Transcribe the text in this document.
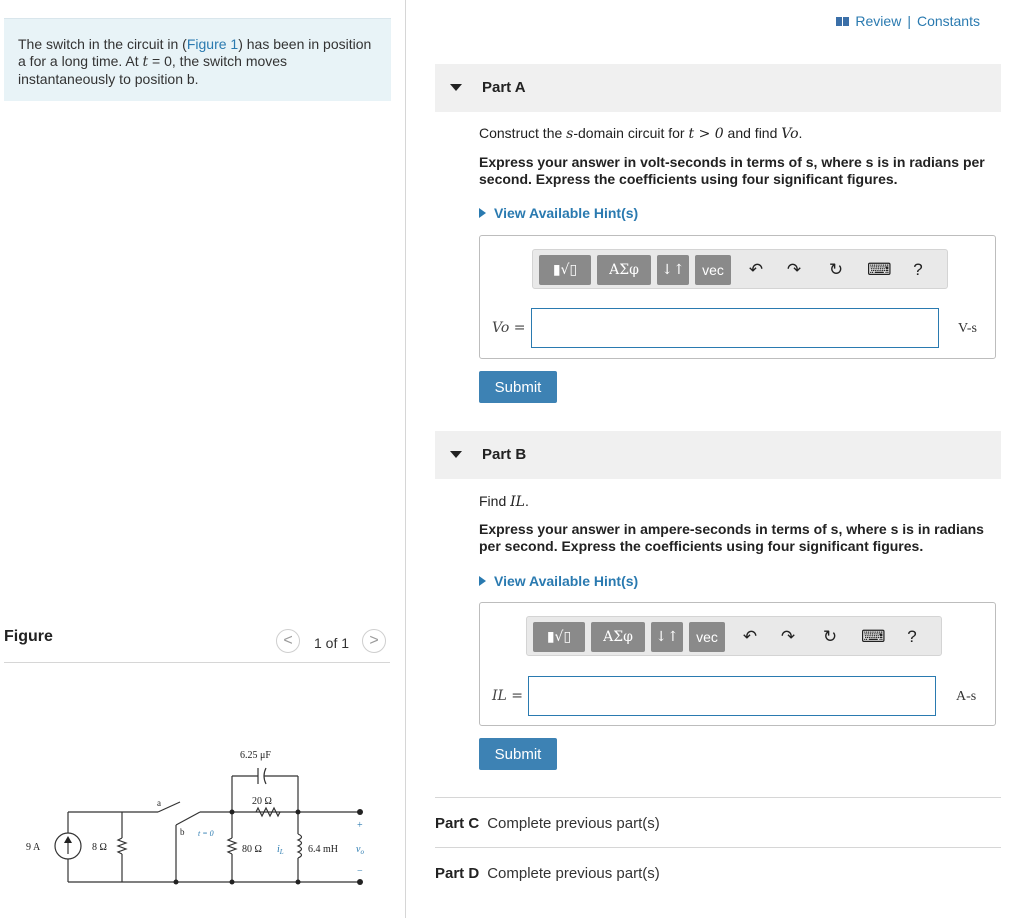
The switch in the circuit in (Figure 1) has been in position a for a long time. At t = 0, the switch moves instantaneously to position b.

Figure	< 1 of 1 >
9 A	8 Ω
a
b t = 0
6.25 μF
20 Ω
80 Ω $i_L$ 6.4 mH $v_o$
+
−
Review | Constants
Part A
Construct the s-domain circuit for t > 0 and find Vo.
Express your answer in volt-seconds in terms of s, where s is in radians per second. Express the coefficients using four significant figures.
View Available Hint(s)
▮√▯	ΑΣφ	↓↑	vec	↶ ↷ ↻ ⌨	?
Vo =	V-s
Submit
Part B
Find IL.
Express your answer in ampere-seconds in terms of s, where s is in radians per second. Express the coefficients using four significant figures.
View Available Hint(s)
▮√▯	ΑΣφ	↓↑	vec	↶ ↷ ↻ ⌨	?
IL =	A-s
Submit
Part C Complete previous part(s)
Part D Complete previous part(s)
